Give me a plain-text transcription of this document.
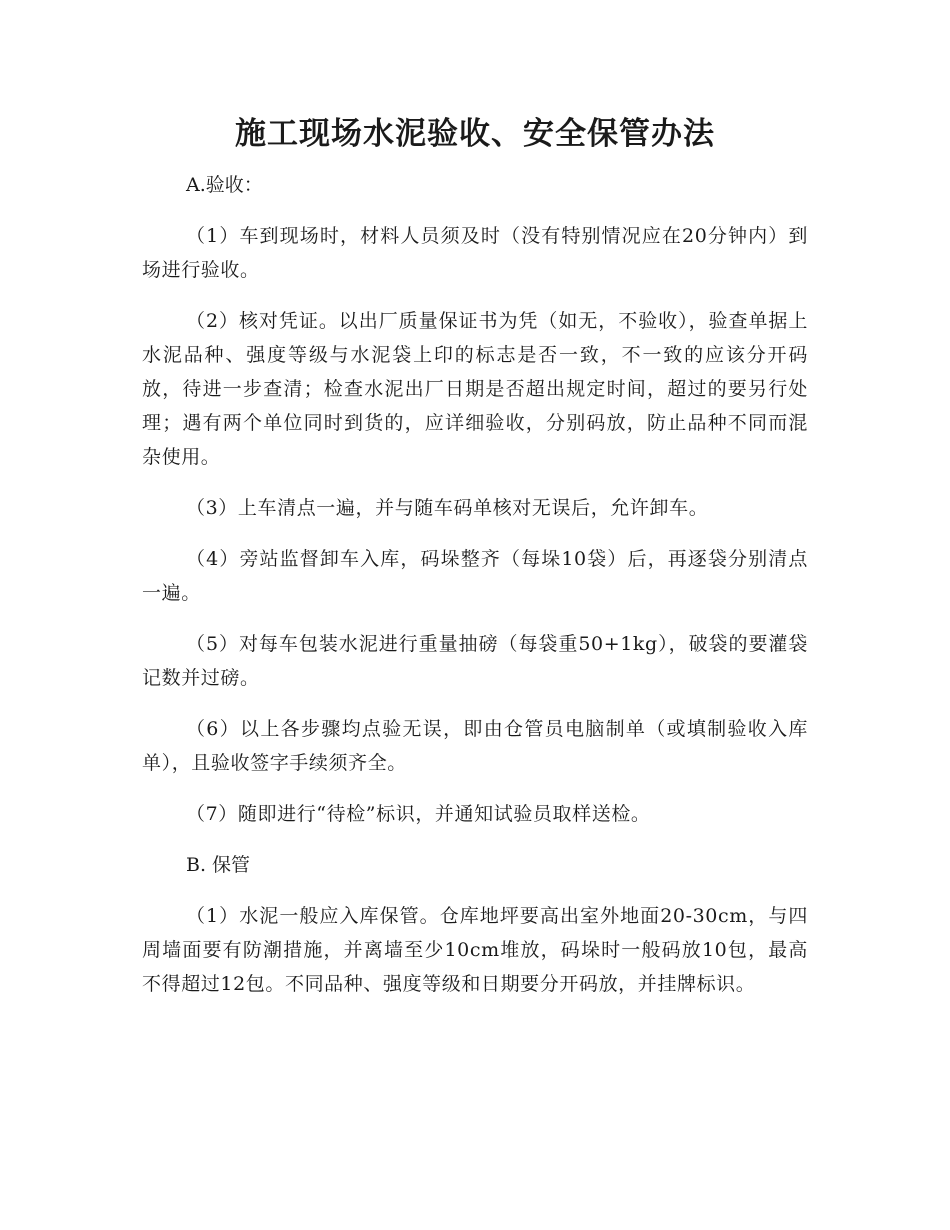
施工现场水泥验收、安全保管办法

A.验收：

（1）车到现场时，材料人员须及时（没有特别情况应在20分钟内）到场进行验收。

（2）核对凭证。以出厂质量保证书为凭（如无，不验收），验查单据上水泥品种、强度等级与水泥袋上印的标志是否一致，不一致的应该分开码放，待进一步查清；检查水泥出厂日期是否超出规定时间，超过的要另行处理；遇有两个单位同时到货的，应详细验收，分别码放，防止品种不同而混杂使用。

（3）上车清点一遍，并与随车码单核对无误后，允许卸车。

（4）旁站监督卸车入库，码垛整齐（每垛10袋）后，再逐袋分别清点一遍。

（5）对每车包装水泥进行重量抽磅（每袋重50+1kg），破袋的要灌袋记数并过磅。

（6）以上各步骤均点验无误，即由仓管员电脑制单（或填制验收入库单），且验收签字手续须齐全。

（7）随即进行“待检”标识，并通知试验员取样送检。

B. 保管

（1）水泥一般应入库保管。仓库地坪要高出室外地面20-30cm，与四周墙面要有防潮措施，并离墙至少10cm堆放，码垛时一般码放10包，最高不得超过12包。不同品种、强度等级和日期要分开码放，并挂牌标识。
